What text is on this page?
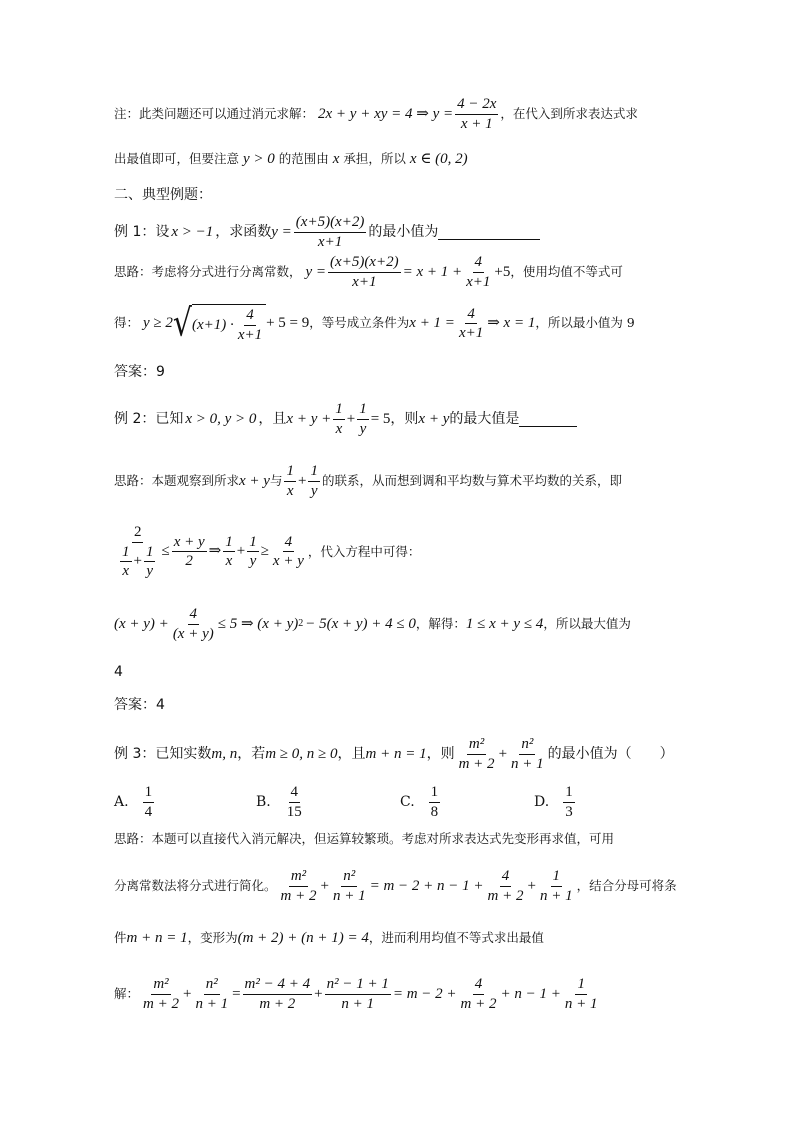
注：此类问题还可以通过消元求解： 2x + y + xy = 4 ⇒ $y = \frac{4 - 2x}{x + 1}$ ，在代入到所求表达式求
出最值即可，但要注意 y > 0 的范围由 x 承担，所以 x ∈ (0, 2)
二、典型例题：
例 1：设 x > −1 ，求函数 $y = \frac{(x+5)(x+2)}{x+1}$ 的最小值为
思路：考虑将分式进行分离常数， $y = \frac{(x+5)(x+2)}{x+1} = x + 1 + \frac{4}{x+1} +5$ ，使用均值不等式可
得： y ≥ 2 √ $(x+1) \cdot \frac{4}{x+1} + 5 = 9$ ，等号成立条件为 $x + 1 = \frac{4}{x+1}$ ⇒ x = 1 ，所以最小值为 9
答案：9
例 2：已知 x > 0, y > 0 ，且 $x + y + \frac{1}{x} + \frac{1}{y} = 5$ ，则 x + y 的最大值是
思路：本题观察到所求 x + y 与 $\frac{1}{x} + \frac{1}{y}$ 的联系，从而想到调和平均数与算术平均数的关系，即
$\frac{2}{\frac{1}{x} + \frac{1}{y}} \le \frac{x + y}{2}$ ⇒ $\frac{1}{x} + \frac{1}{y} \ge \frac{4}{x + y}$ ，代入方程中可得：
$(x + y) + \frac{4}{(x + y)} \le 5$ ⇒ (x + y) 2 − 5(x + y) + 4 ≤ 0 ，解得： 1 ≤ x + y ≤ 4 ，所以最大值为
4
答案：4
例 3：已知实数 m, n ，若 m ≥ 0, n ≥ 0 ，且 m + n = 1 ，则 $\frac{\text{m²}}{m + 2} + \frac{\text{n²}}{n + 1}$ 的最小值为（　　）
A. $\frac{1}{4}$	B. $\frac{4}{15}$	C. $\frac{1}{8}$	D. $\frac{1}{3}$
思路：本题可以直接代入消元解决，但运算较繁琐。考虑对所求表达式先变形再求值，可用
分离常数法将分式进行简化。 $\frac{\text{m²}}{m + 2} + \frac{\text{n²}}{n + 1} = m - 2 + n - 1 + \frac{4}{m + 2} + \frac{1}{n + 1}$ ，结合分母可将条
件 m + n = 1 ，变形为 (m + 2) + (n + 1) = 4 ，进而利用均值不等式求出最值
解： $\frac{\text{m²}}{m + 2} + \frac{\text{n²}}{n + 1} = \frac{\text{m² − 4 + 4}}{m + 2} + \frac{\text{n² − 1 + 1}}{n + 1} = m - 2 + \frac{4}{m + 2} + n - 1 + \frac{1}{n + 1}$
